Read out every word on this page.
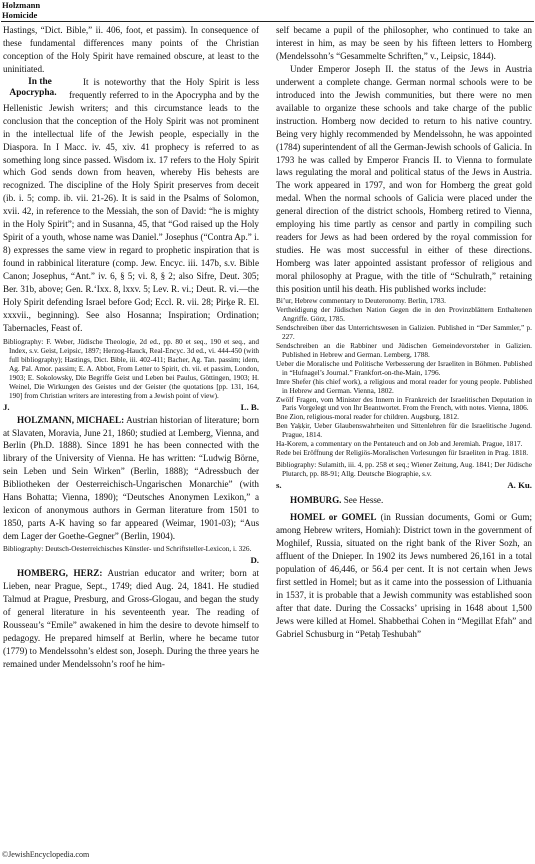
Holzmann
Homicide

Hastings, “Dict. Bible,” ii. 406, foot, et passim). In consequence of these fundamental differences many points of the Christian conception of the Holy Spirit have remained obscure, at least to the uninitiated.

In the Apocrypha.
It is noteworthy that the Holy Spirit is less frequently referred to in the Apocrypha and by the Hellenistic Jewish writers; and this circumstance leads to the conclusion that the conception of the Holy Spirit was not prominent in the intellectual life of the Jewish people, especially in the Diaspora. In I Macc. iv. 45, xiv. 41 prophecy is referred to as something long since passed. Wisdom ix. 17 refers to the Holy Spirit which God sends down from heaven, whereby His behests are recognized. The discipline of the Holy Spirit preserves from deceit (ib. i. 5; comp. ib. vii. 21-26). It is said in the Psalms of Solomon, xvii. 42, in reference to the Messiah, the son of David: “he is mighty in the Holy Spirit”; and in Susanna, 45, that “God raised up the Holy Spirit of a youth, whose name was Daniel.” Josephus (“Contra Ap.” i. 8) expresses the same view in regard to prophetic inspiration that is found in rabbinical literature (comp. Jew. Encyc. iii. 147b, s.v. Bible Canon; Josephus, “Ant.” iv. 6, § 5; vi. 8, § 2; also Sifre, Deut. 305; Ber. 31b, above; Gen. R.‘Ixx. 8, lxxv. 5; Lev. R. vi.; Deut. R. vi.—the Holy Spirit defending Israel before God; Eccl. R. vii. 28; Pirḳe R. El. xxxvii., beginning). See also Hosanna; Inspiration; Ordination; Tabernacles, Feast of.

Bibliography: F. Weber, Jüdische Theologie, 2d ed., pp. 80 et seq., 190 et seq., and Index, s.v. Geist, Leipsic, 1897; Herzog-Hauck, Real-Encyc. 3d ed., vi. 444-450 (with full bibliography); Hastings, Dict. Bible, iii. 402-411; Bacher, Ag. Tan. passim; idem, Ag. Pal. Amor. passim; E. A. Abbot, From Letter to Spirit, ch. vii. et passim, London, 1903; E. Sokolowsky, Die Begriffe Geist und Leben bei Paulus, Göttingen, 1903; H. Weinel, Die Wirkungen des Geistes und der Geister (the quotations [pp. 131, 164, 190] from Christian writers are interesting from a Jewish point of view).

J.	L. B.

HOLZMANN, MICHAEL: Austrian historian of literature; born at Slavaten, Moravia, June 21, 1860; studied at Lemberg, Vienna, and Berlin (Ph.D. 1888). Since 1891 he has been connected with the library of the University of Vienna. He has written: “Ludwig Börne, sein Leben und Sein Wirken” (Berlin, 1888); “Adressbuch der Bibliotheken der Oesterreichisch-Ungarischen Monarchie” (with Hans Bohatta; Vienna, 1890); “Deutsches Anonymen Lexikon,” a lexicon of anonymous authors in German literature from 1501 to 1850, parts A-K having so far appeared (Weimar, 1901-03); “Aus dem Lager der Goethe-Gegner” (Berlin, 1904).

Bibliography: Deutsch-Oesterreichisches Künstler- und Schriftsteller-Lexicon, i. 326.

D.

HOMBERG, HERZ: Austrian educator and writer; born at Lieben, near Prague, Sept., 1749; died Aug. 24, 1841. He studied Talmud at Prague, Presburg, and Gross-Glogau, and began the study of general literature in his seventeenth year. The reading of Rousseau’s “Emile” awakened in him the desire to devote himself to pedagogy. He prepared himself at Berlin, where he became tutor (1779) to Mendelssohn’s eldest son, Joseph. During the three years he remained under Mendelssohn’s roof he him-

self became a pupil of the philosopher, who continued to take an interest in him, as may be seen by his fifteen letters to Homberg (Mendelssohn’s “Gesammelte Schriften,” v., Leipsic, 1844).

Under Emperor Joseph II. the status of the Jews in Austria underwent a complete change. German normal schools were to be introduced into the Jewish communities, but there were no men available to organize these schools and take charge of the public instruction. Homberg now decided to return to his native country. Being very highly recommended by Mendelssohn, he was appointed (1784) superintendent of all the German-Jewish schools of Galicia. In 1793 he was called by Emperor Francis II. to Vienna to formulate laws regulating the moral and political status of the Jews in Austria. The work appeared in 1797, and won for Homberg the great gold medal. When the normal schools of Galicia were placed under the general direction of the district schools, Homberg retired to Vienna, employing his time partly as censor and partly in compiling such readers for Jews as had been ordered by the royal commission for studies. He was most successful in either of these directions. Homberg was later appointed assistant professor of religious and moral philosophy at Prague, with the title of “Schulrath,” retaining this position until his death. His published works include:

Bi’ur, Hebrew commentary to Deuteronomy. Berlin, 1783.

Vertheidigung der Jüdischen Nation Gegen die in den Provinzblättern Enthaltenen Angriffe. Görz, 1785.

Sendschreiben über das Unterrichtswesen in Galizien. Published in “Der Sammler,” p. 227.

Sendschreiben an die Rabbiner und Jüdischen Gemeindevorsteher in Galizien. Published in Hebrew and German. Lemberg, 1788.

Ueber die Moralische und Politische Verbesserung der Israeliten in Böhmen. Published in “Hufnagel’s Journal.” Frankfort-on-the-Main, 1796.

Imre Shefer (his chief work), a religious and moral reader for young people. Published in Hebrew and German. Vienna, 1802.

Zwölf Fragen, vom Minister des Innern in Frankreich der Israelitischen Deputation in Paris Vorgelegt und von Ihr Beantwortet. From the French, with notes. Vienna, 1806.

Bne Zion, religious-moral reader for children. Augsburg, 1812.

Ben Yaḳḳir, Ueber Glaubenswahrheiten und Sittenlehren für die Israelitische Jugend. Prague, 1814.

Ha-Korem, a commentary on the Pentateuch and on Job and Jeremiah. Prague, 1817.

Rede bei Eröffnung der Religiös-Moralischen Vorlesungen für Israeliten in Prag. 1818.

Bibliography: Sulamith, iii. 4, pp. 258 et seq.; Wiener Zeitung, Aug. 1841; Der Jüdische Plutarch, pp. 88-91; Allg. Deutsche Biographie, s.v.

s.	A. Ku.

HOMBURG. See Hesse.

HOMEL or GOMEL (in Russian documents, Gomi or Gum; among Hebrew writers, Homiah): District town in the government of Moghilef, Russia, situated on the right bank of the River Sozh, an affluent of the Dnieper. In 1902 its Jews numbered 26,161 in a total population of 46,446, or 56.4 per cent. It is not certain when Jews first settled in Homel; but as it came into the possession of Lithuania in 1537, it is probable that a Jewish community was established soon after that date. During the Cossacks’ uprising in 1648 about 1,500 Jews were killed at Homel. Shabbethai Cohen in “Megillat Efah” and Gabriel Schusburg in “Petaḥ Teshubah”

©JewishEncyclopedia.com
